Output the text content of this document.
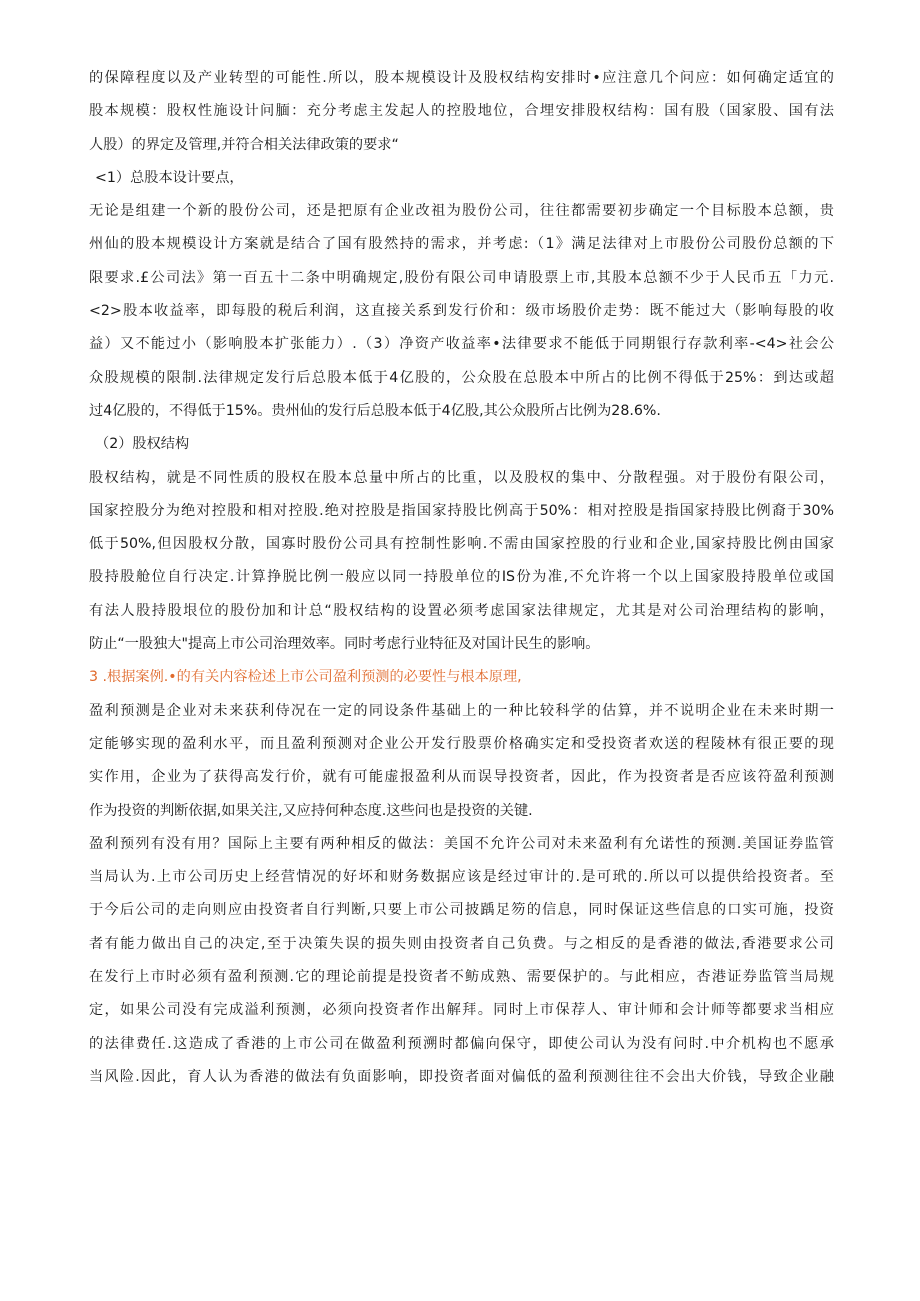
的保障程度以及产业转型的可能性.所以，股本规模设计及股权结构安排时•应注意几个问应：如何确定适宜的
股本规模：股权性施设计问腼：充分考虑主发起人的控股地位，合埋安排股权结构：国有股（国家股、国有法
人股）的界定及管理,并符合相关法律政策的要求“
<1）总股本设计要点，
无论是组建一个新的股份公司，还是把原有企业改祖为股份公司，往往都需要初步确定一个目标股本总额，贵
州仙的股本规模设计方案就是结合了国有股然持的需求，并考虑:（1》满足法律对上市股份公司股份总额的下
限要求.£公司法》第一百五十二条中明确规定,股份有限公司申请股票上市,其股本总额不少于人民币五「力元.
<2>股本收益率，即每股的税后利润，这直接关系到发行价和：级市场股价走势：既不能过大（影响每股的收
益）又不能过小（影响股本扩张能力）.（3）净资产收益率•法律要求不能低于同期银行存款利率-<4>社会公
众股规模的限制.法律规定发行后总股本低于4亿股的，公众股在总股本中所占的比例不得低于25%：到达或超
过4亿股的，不得低于15%。贵州仙的发行后总股本低于4亿股,其公众股所占比例为28.6%.
（2）股权结构
股权结构，就是不同性质的股权在股本总量中所占的比重，以及股权的集中、分散程强。对于股份有限公司，
国家控股分为绝对控股和相对控股.绝对控股是指国家持股比例高于50%：相对控股是指国家持股比例裔于30%
低于50%,但因股权分散，国寡时股份公司具有控制性影响.不需由国家控股的行业和企业,国家持股比例由国家
股持股舱位自行决定.计算挣脱比例一般应以同一持股单位的IS份为准,不允许将一个以上国家股持股单位或国
有法人股持股垠位的股份加和计总“股权结构的设置必须考虑国家法律规定，尤其是对公司治理结构的影响，
防止“一股独大"提高上市公司治理效率。同时考虑行业特征及对国计民生的影响。
3 .根据案例.•的有关内容检述上市公司盈利预测的必要性与根本原理,
盈利预测是企业对未来获利侍况在一定的同设条件基础上的一种比较科学的估算，并不说明企业在未来时期一
定能够实现的盈利水平，而且盈利预测对企业公开发行股票价格确实定和受投资者欢送的程陵林有很正要的现
实作用，企业为了获得高发行价，就有可能虚报盈利从而误导投资者，因此，作为投资者是否应该符盈利预测
作为投资的判断依据,如果关注,又应持何种态度.这些问也是投资的关键.
盈利预列有没有用？国际上主要有两种相反的做法：美国不允许公司对未来盈利有允诺性的预测.美国证券监管
当局认为.上市公司历史上经营情况的好坏和财务数据应该是经过审计的.是可玳的.所以可以提供给投资者。至
于今后公司的走向则应由投资者自行判断,只要上市公司披踽足笏的信息，同时保证这些信息的口实可施，投资
者有能力做出自己的决定,至于决策失误的损失则由投资者自己负费。与之相反的是香港的做法,香港要求公司
在发行上市时必须有盈利预测.它的理论前提是投资者不鲂成熟、需要保护的。与此相应，杏港证券监管当局规
定，如果公司没有完成溢利预测，必须向投资者作出解拜。同时上市保荐人、审计师和会计师等都要求当相应
的法律费任.这造成了香港的上市公司在做盈利预溯时都偏向保守，即使公司认为没有问时.中介机构也不愿承
当风险.因此，育人认为香港的做法有负面影响，即投资者面对偏低的盈利预测往往不会出大价钱，导致企业融
